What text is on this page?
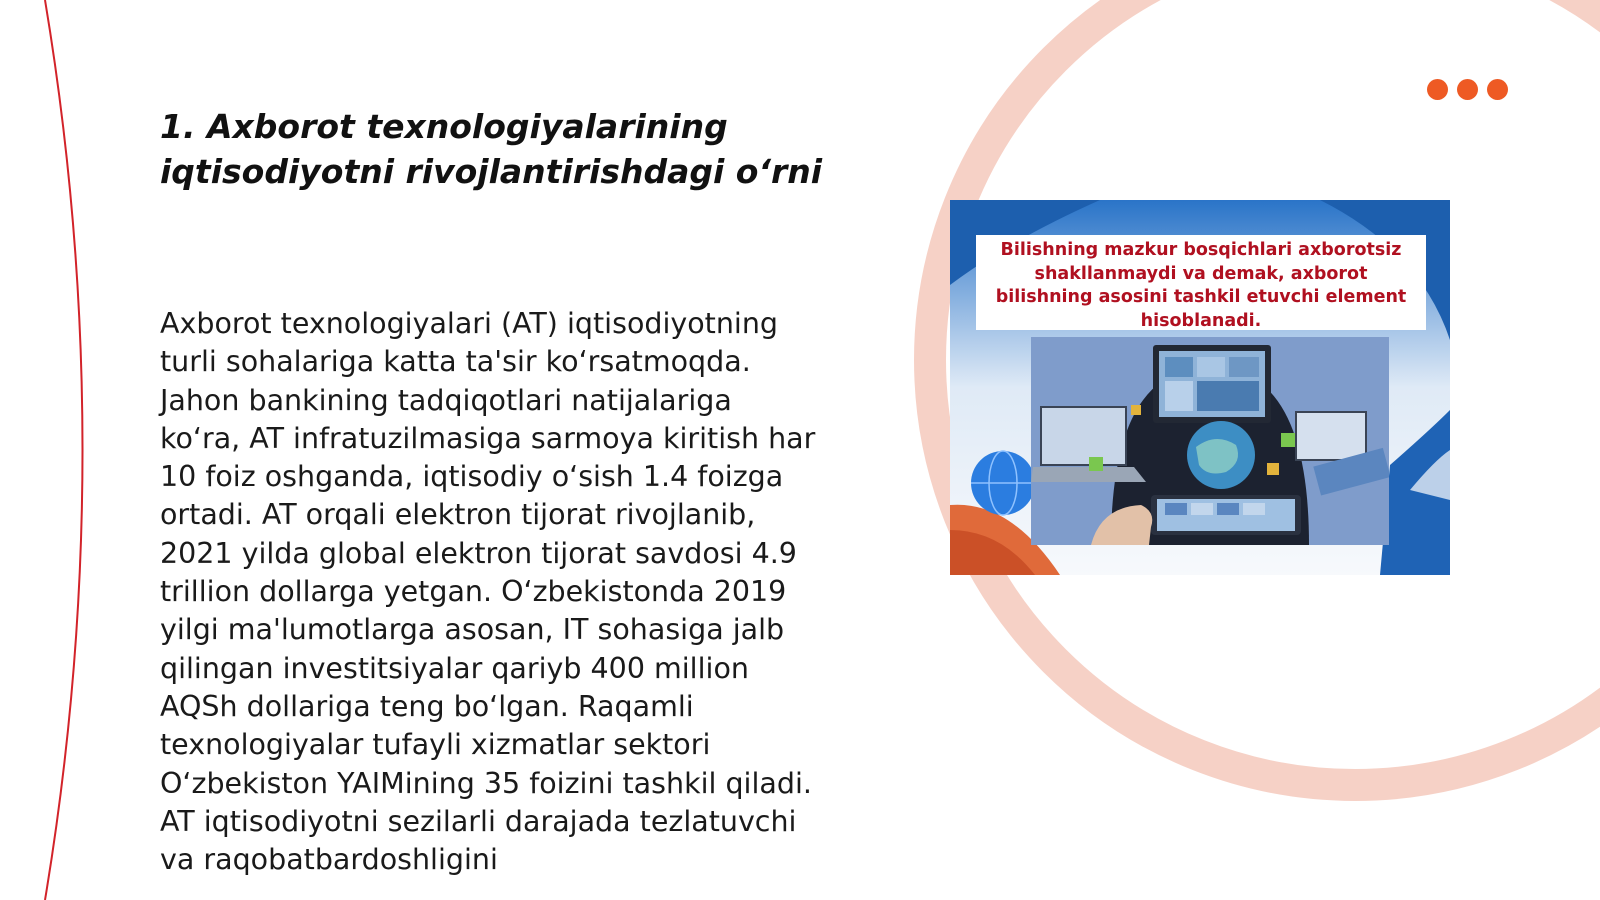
1. Axborot texnologiyalarining iqtisodiyotni rivojlantirishdagi o‘rni

Axborot texnologiyalari (AT) iqtisodiyotning turli sohalariga katta ta'sir ko‘rsatmoqda. Jahon bankining tadqiqotlari natijalariga ko‘ra, AT infratuzilmasiga sarmoya kiritish har 10 foiz oshganda, iqtisodiy o‘sish 1.4 foizga ortadi. AT orqali elektron tijorat rivojlanib, 2021 yilda global elektron tijorat savdosi 4.9 trillion dollarga yetgan. O‘zbekistonda 2019 yilgi ma'lumotlarga asosan, IT sohasiga jalb qilingan investitsiyalar qariyb 400 million AQSh dollariga teng bo‘lgan. Raqamli texnologiyalar tufayli xizmatlar sektori O‘zbekiston YAIMining 35 foizini tashkil qiladi. AT iqtisodiyotni sezilarli darajada tezlatuvchi va raqobatbardoshligini

Bilishning mazkur bosqichlari axborotsiz shakllanmaydi va demak, axborot bilishning asosini tashkil etuvchi element hisoblanadi.
